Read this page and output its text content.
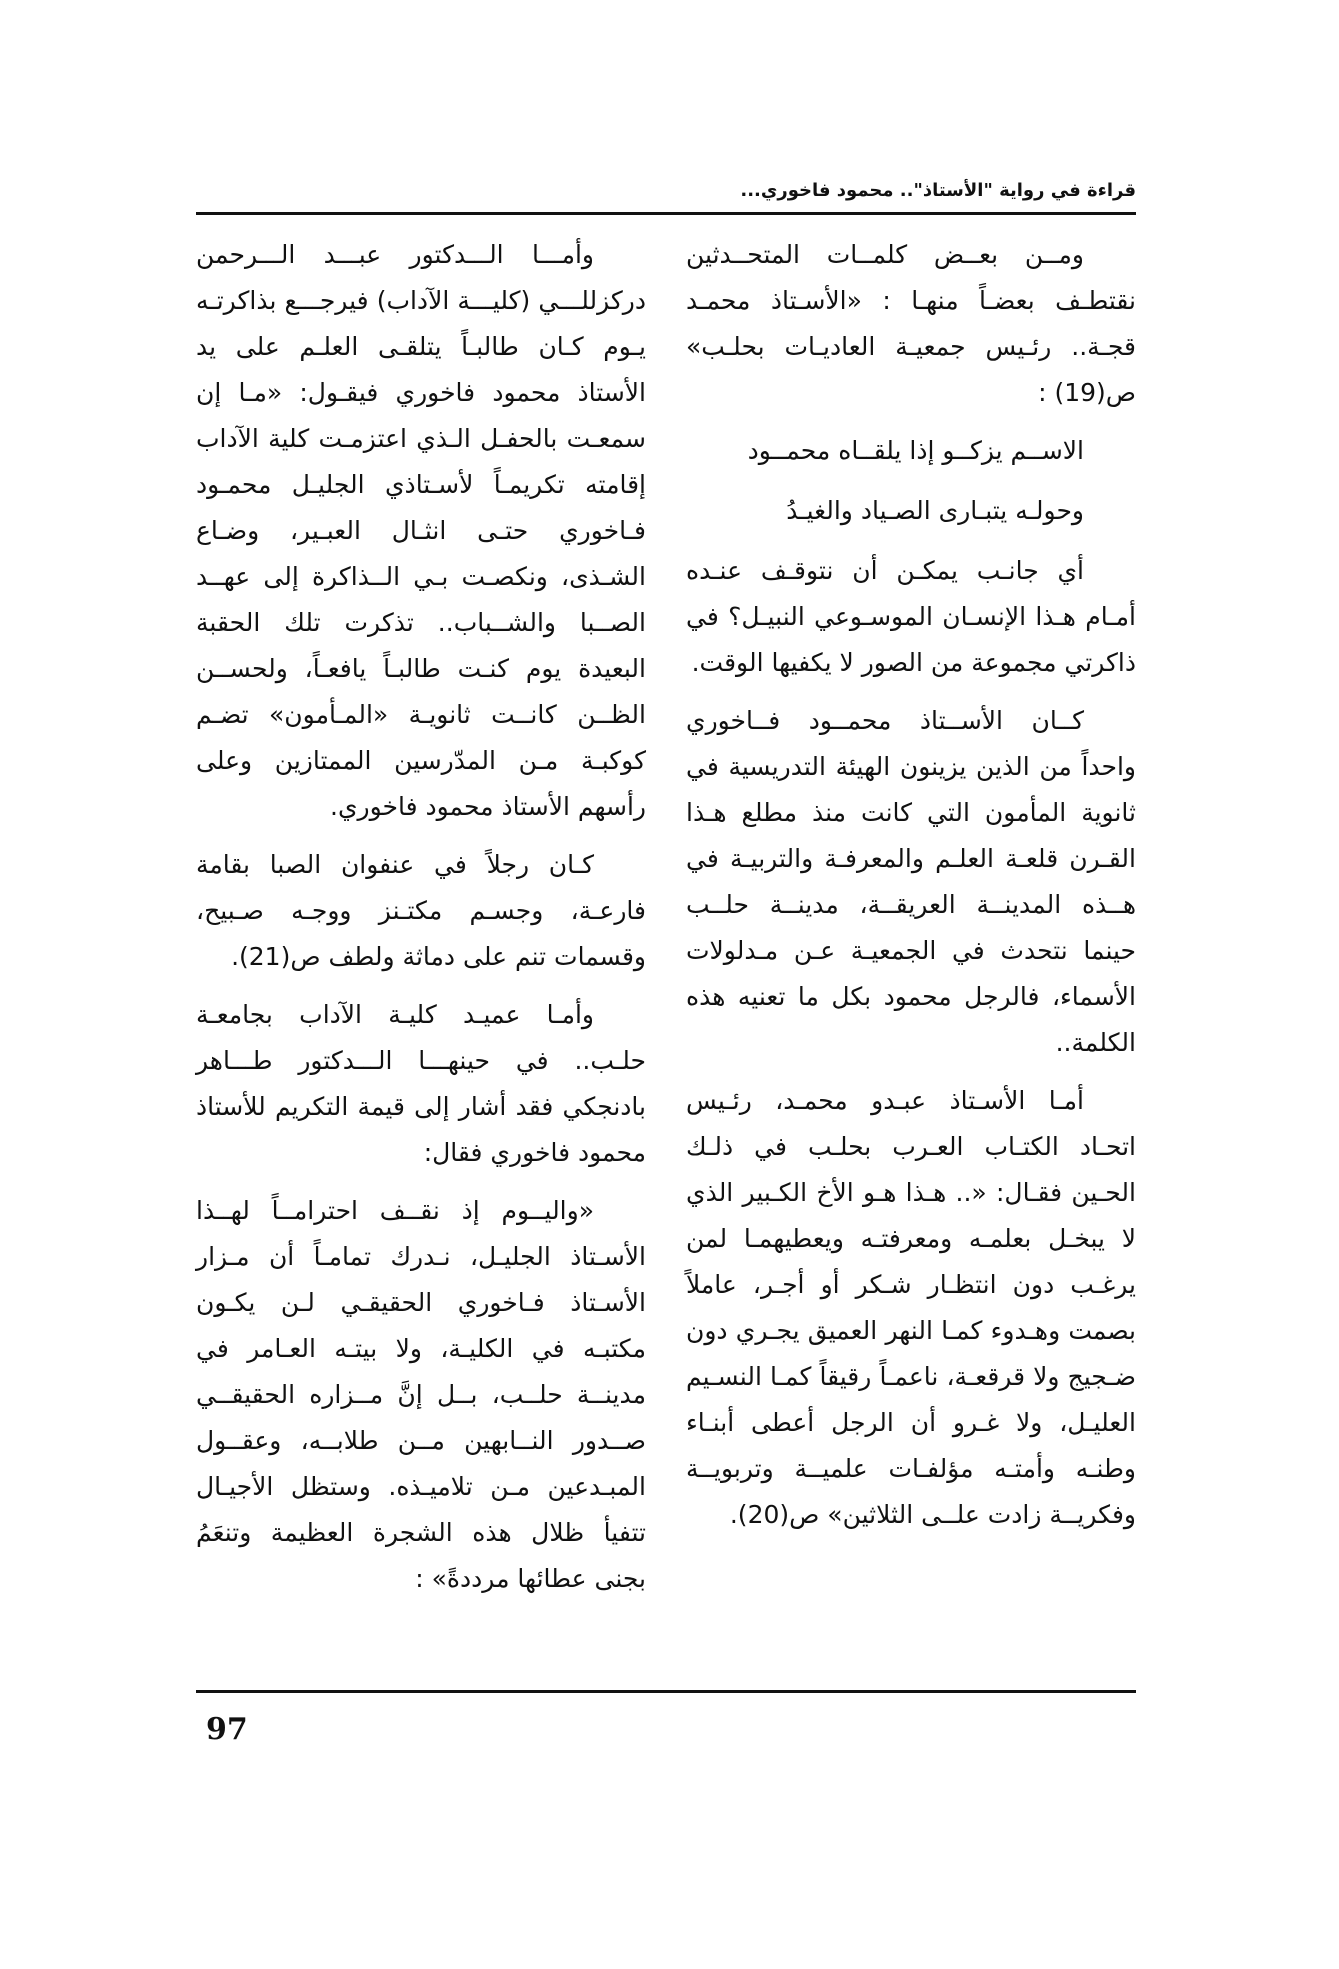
قراءة في رواية "الأستاذ".. محمود فاخوري...

ومــن بعــض كلمــات المتحــدثين نقتطـف بعضـاً منهـا : «الأسـتاذ محمـد قجـة.. رئـيس جمعيـة العاديـات بحلـب» ص(19) :

الاســم يزكــو إذا يلقــاه محمــود

وحولـه يتبـارى الصـياد والغيـدُ

أي جانـب يمكـن أن نتوقـف عنـده أمـام هـذا الإنسـان الموسـوعي النبيـل؟ في ذاكرتي مجموعة من الصور لا يكفيها الوقت.

كــان الأســتاذ محمــود فــاخوري واحداً من الذين يزينون الهيئة التدريسية في ثانوية المأمون التي كانت منذ مطلع هـذا القـرن قلعـة العلـم والمعرفـة والتربيـة في هــذه المدينــة العريقــة، مدينــة حلــب حينما نتحدث في الجمعيـة عـن مـدلولات الأسماء، فالرجل محمود بكل ما تعنيه هذه الكلمة..

أمـا الأسـتاذ عبـدو محمـد، رئـيس اتحـاد الكتـاب العـرب بحلـب في ذلـك الحـين فقـال: «.. هـذا هـو الأخ الكـبير الذي لا يبخـل بعلمـه ومعرفتـه ويعطيهمـا لمن يرغـب دون انتظـار شـكر أو أجـر، عاملاً بصمت وهـدوء كمـا النهر العميق يجـري دون ضـجيج ولا قرقعـة، ناعمـاً رقيقاً كمـا النسـيم العليـل، ولا غـرو أن الرجل أعطى أبنـاء وطنـه وأمتـه مؤلفـات علميــة وتربويــة وفكريــة زادت علــى الثلاثين» ص(20).

وأمـــا الـــدكتور عبـــد الـــرحمن دركزللـــي (كليـــة الآداب) فيرجـــع بذاكرتـه يـوم كـان طالبـاً يتلقـى العلـم على يد الأستاذ محمود فاخوري فيقـول: «مـا إن سمعـت بالحفـل الـذي اعتزمـت كلية الآداب إقامته تكريمـاً لأسـتاذي الجليـل محمـود فـاخوري حتـى انثـال العبـير، وضـاع الشـذى، ونكصـت بـي الــذاكرة إلى عهــد الصــبا والشــباب.. تذكرت تلك الحقبة البعيدة يوم كنـت طالبـاً يافعـاً، ولحســن الظــن كانــت ثانويـة «المـأمون» تضـم كوكبـة مـن المدّرسين الممتازين وعلى رأسهم الأستاذ محمود فاخوري.

كـان رجلاً في عنفوان الصبا بقامة فارعـة، وجسـم مكتـنز ووجـه صـبيح، وقسمات تنم على دماثة ولطف ص(21).

وأمـا عميـد كليـة الآداب بجامعـة حلـب.. في حينهـــا الـــدكتور طـــاهر بادنجكي فقد أشار إلى قيمة التكريم للأستاذ محمود فاخوري فقال:

«واليــوم إذ نقــف احترامــاً لهــذا الأسـتاذ الجليـل، نـدرك تمامـاً أن مـزار الأسـتاذ فـاخوري الحقيقـي لـن يكـون مكتبـه في الكليـة، ولا بيتـه العـامر في مدينــة حلــب، بــل إنَّ مــزاره الحقيقــي صــدور النــابهين مــن طلابــه، وعقــول المبـدعين مـن تلاميـذه. وستظل الأجيـال تتفيأ ظلال هذه الشجرة العظيمة وتنعَمُ بجنى عطائها مرددةً» :

97
